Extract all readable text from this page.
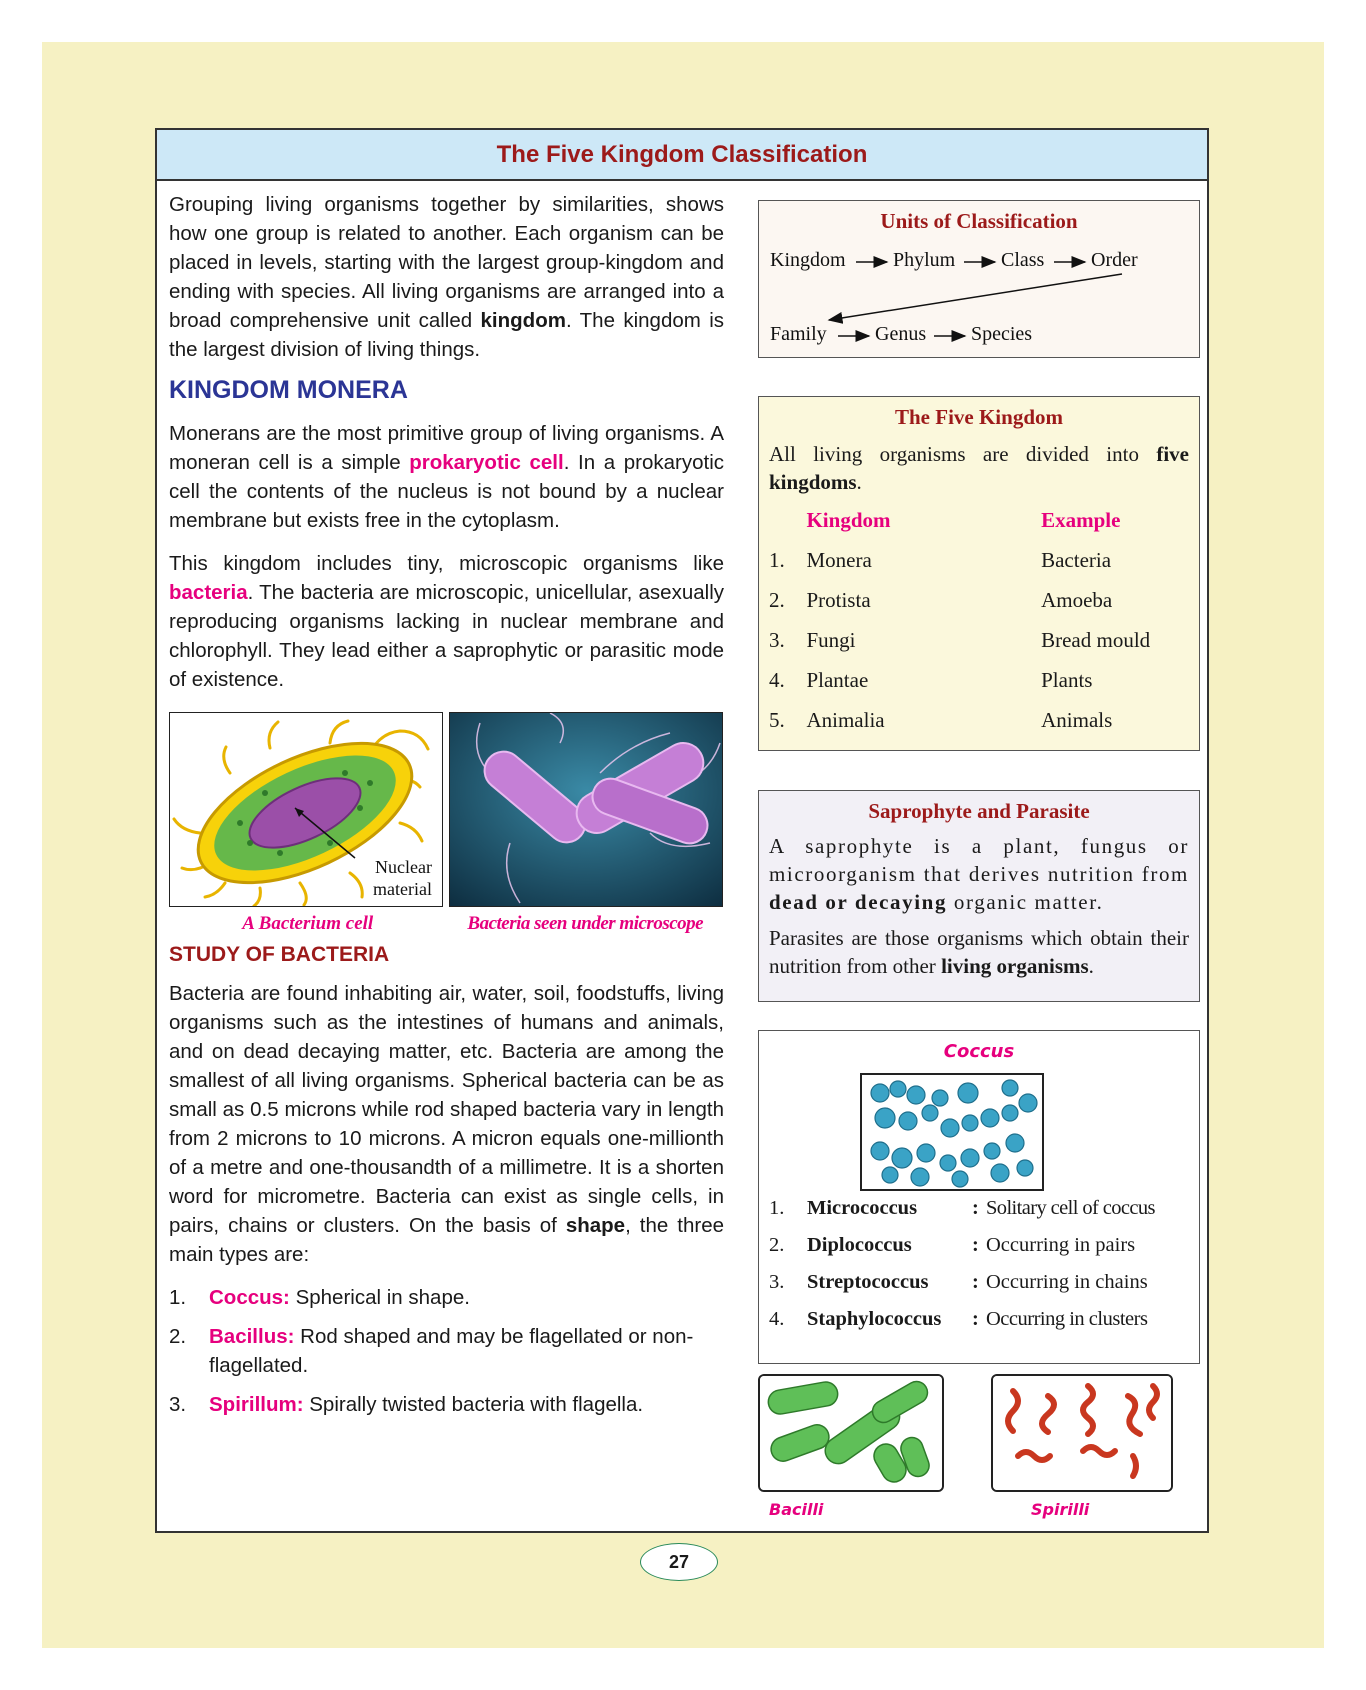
The Five Kingdom Classification

Grouping living organisms together by similarities, shows how one group is related to another. Each organism can be placed in levels, starting with the largest group-kingdom and ending with species. All living organisms are arranged into a broad comprehensive unit called kingdom. The kingdom is the largest division of living things.

KINGDOM MONERA

Monerans are the most primitive group of living organisms. A moneran cell is a simple prokaryotic cell. In a prokaryotic cell the contents of the nucleus is not bound by a nuclear membrane but exists free in the cytoplasm.

This kingdom includes tiny, microscopic organisms like bacteria. The bacteria are microscopic, unicellular, asexually reproducing organisms lacking in nuclear membrane and chlorophyll. They lead either a saprophytic or parasitic mode of existence.

Nuclear
material
A Bacterium cell	Bacteria seen under microscope
STUDY OF BACTERIA

Bacteria are found inhabiting air, water, soil, foodstuffs, living organisms such as the intestines of humans and animals, and on dead decaying matter, etc. Bacteria are among the smallest of all living organisms. Spherical bacteria can be as small as 0.5 microns while rod shaped bacteria vary in length from 2 microns to 10 microns. A micron equals one-millionth of a metre and one-thousandth of a millimetre. It is a shorten word for micrometre. Bacteria can exist as single cells, in pairs, chains or clusters. On the basis of shape, the three main types are:

1.	Coccus: Spherical in shape.
2.	Bacillus: Rod shaped and may be flagellated or non-flagellated.
3.	Spirillum: Spirally twisted bacteria with flagella.
Units of Classification
Kingdom Phylum Class Order
Family Genus Species
The Five Kingdom

All living organisms are divided into five kingdoms.

Kingdom	Example
1.	Monera	Bacteria
2.	Protista	Amoeba
3.	Fungi	Bread mould
4.	Plantae	Plants
5.	Animalia	Animals
Saprophyte and Parasite

A saprophyte is a plant, fungus or microorganism that derives nutrition from dead or decaying organic matter.

Parasites are those organisms which obtain their nutrition from other living organisms.

Coccus
1.	Micrococcus	: Solitary cell of coccus
2.	Diplococcus	: Occurring in pairs
3.	Streptococcus	: Occurring in chains
4.	Staphylococcus	: Occurring in clusters
Bacilli	Spirilli
27
